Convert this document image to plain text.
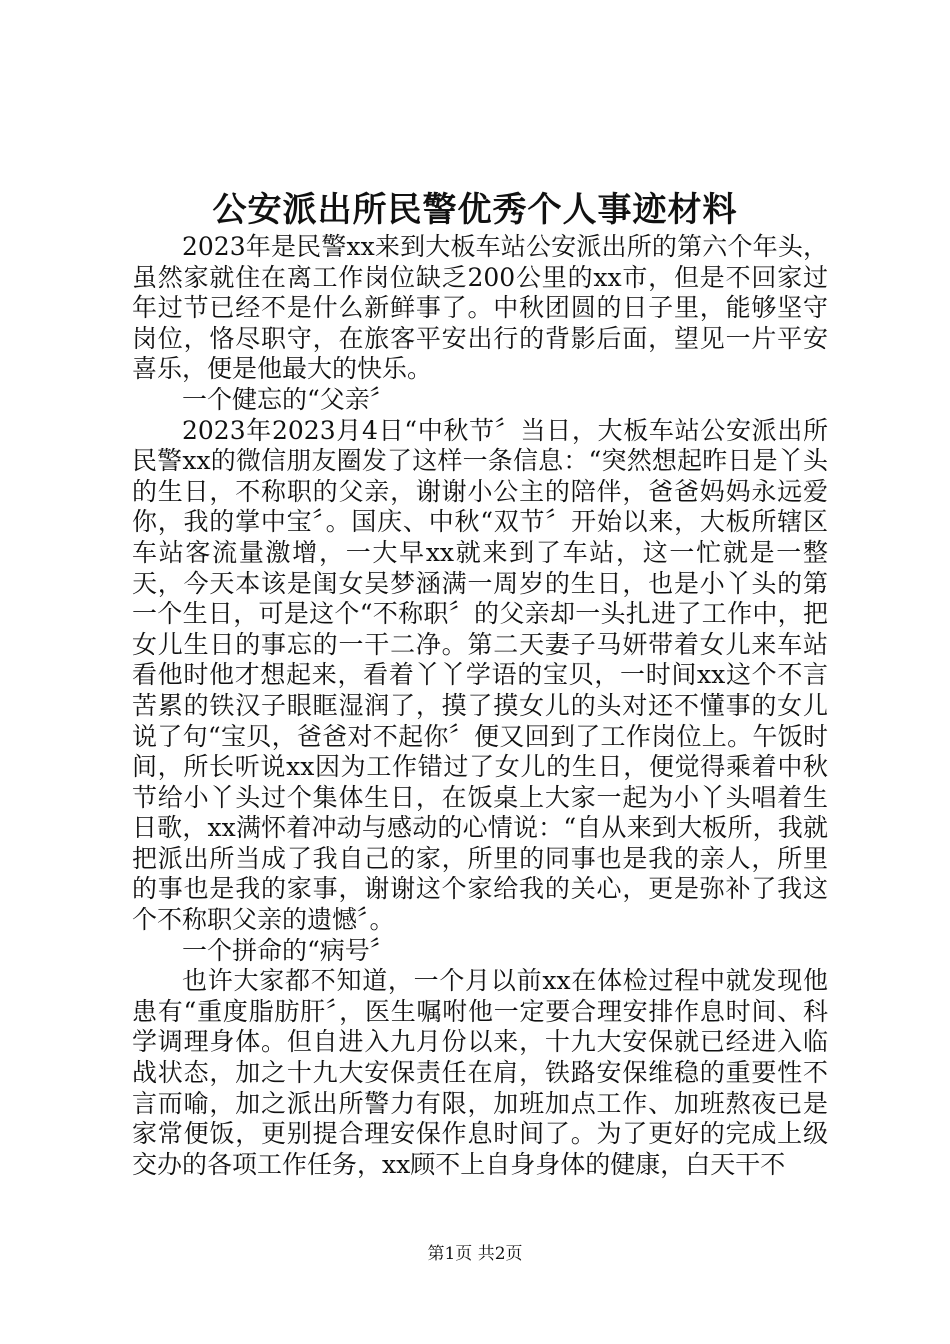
公安派出所民警优秀个人事迹材料

2023年是民警xx来到大板车站公安派出所的第六个年头，虽然家就住在离工作岗位缺乏200公里的xx市，但是不回家过年过节已经不是什么新鲜事了。中秋团圆的日子里，能够坚守岗位，恪尽职守，在旅客平安出行的背影后面，望见一片平安喜乐，便是他最大的快乐。

一个健忘的“父亲〞

2023年2023月4日“中秋节〞当日，大板车站公安派出所民警xx的微信朋友圈发了这样一条信息：“突然想起昨日是丫头的生日，不称职的父亲，谢谢小公主的陪伴，爸爸妈妈永远爱你，我的掌中宝〞。国庆、中秋“双节〞开始以来，大板所辖区车站客流量激增，一大早xx就来到了车站，这一忙就是一整天，今天本该是闺女吴梦涵满一周岁的生日，也是小丫头的第一个生日，可是这个“不称职〞的父亲却一头扎进了工作中，把女儿生日的事忘的一干二净。第二天妻子马妍带着女儿来车站看他时他才想起来，看着丫丫学语的宝贝，一时间xx这个不言苦累的铁汉子眼眶湿润了，摸了摸女儿的头对还不懂事的女儿说了句“宝贝，爸爸对不起你〞便又回到了工作岗位上。午饭时间，所长听说xx因为工作错过了女儿的生日，便觉得乘着中秋节给小丫头过个集体生日，在饭桌上大家一起为小丫头唱着生日歌，xx满怀着冲动与感动的心情说：“自从来到大板所，我就把派出所当成了我自己的家，所里的同事也是我的亲人，所里的事也是我的家事，谢谢这个家给我的关心，更是弥补了我这个不称职父亲的遗憾〞。

一个拼命的“病号〞

也许大家都不知道，一个月以前xx在体检过程中就发现他患有“重度脂肪肝〞，医生嘱咐他一定要合理安排作息时间、科学调理身体。但自进入九月份以来，十九大安保就已经进入临战状态，加之十九大安保责任在肩，铁路安保维稳的重要性不言而喻，加之派出所警力有限，加班加点工作、加班熬夜已是家常便饭，更别提合理安保作息时间了。为了更好的完成上级交办的各项工作任务，xx顾不上自身身体的健康，白天干不

第1页 共2页
